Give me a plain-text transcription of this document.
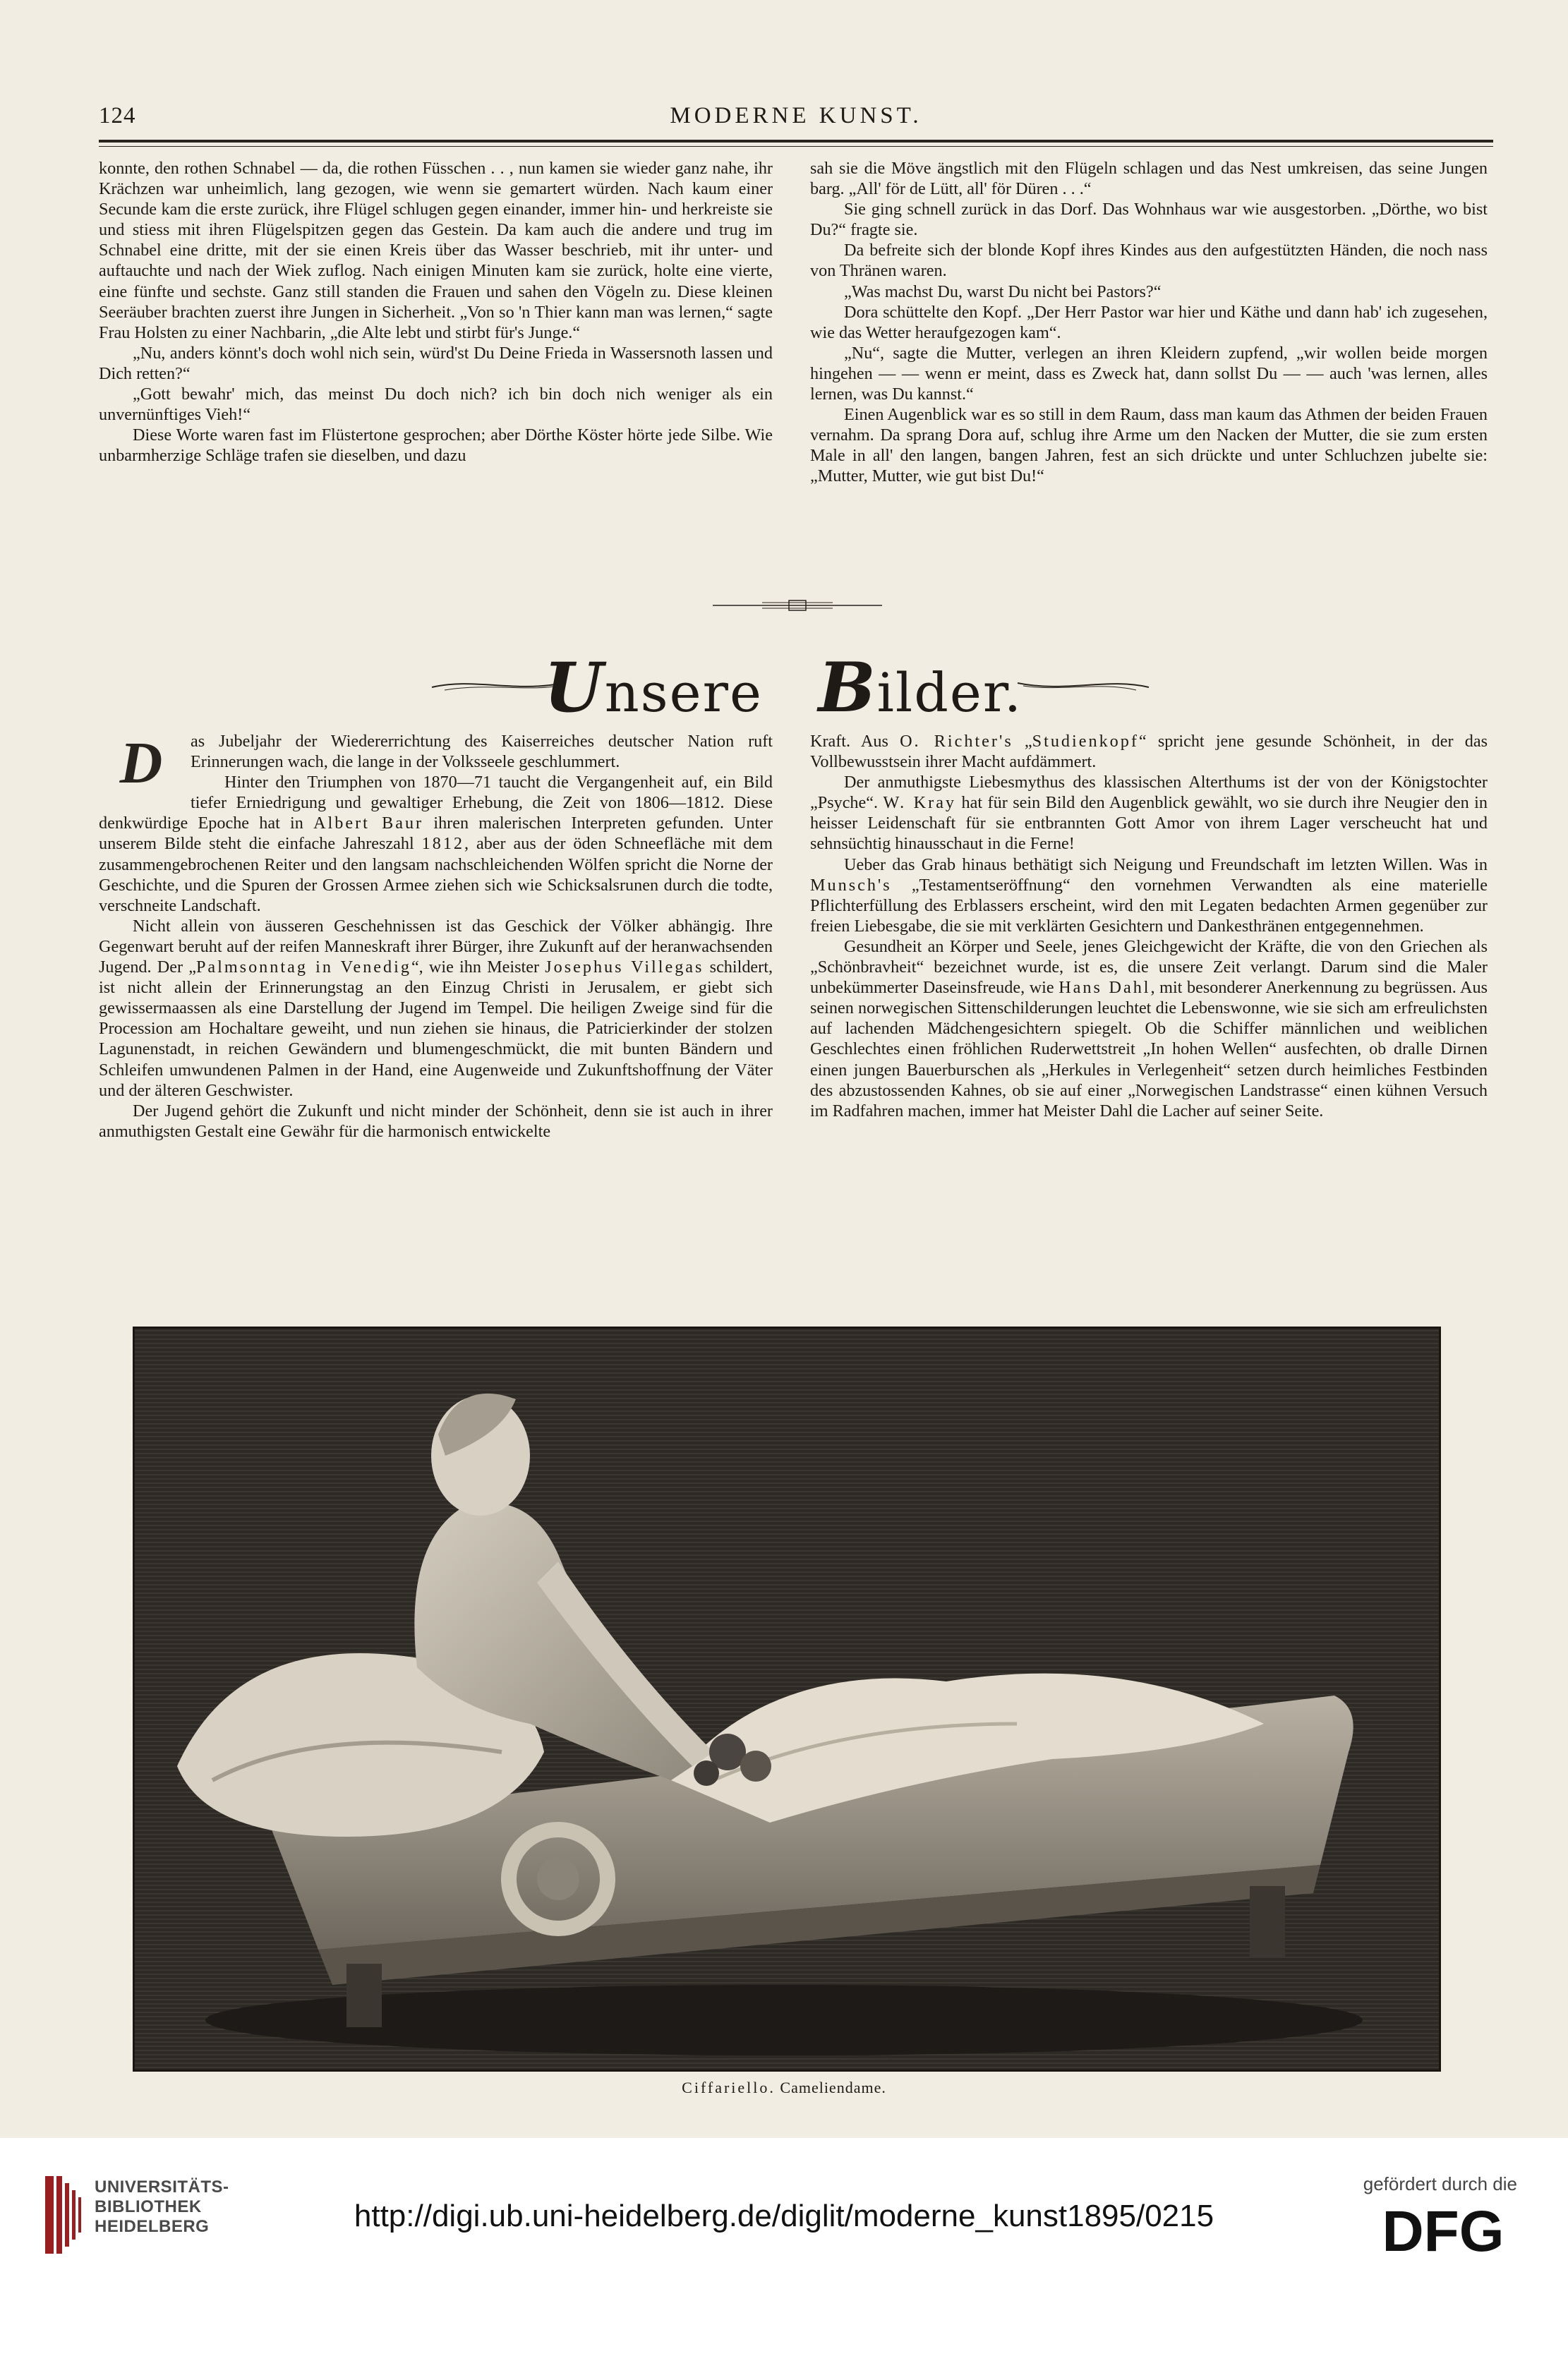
124	MODERNE KUNST.

konnte, den rothen Schnabel — da, die rothen Füsschen . . , nun kamen sie wieder ganz nahe, ihr Krächzen war unheimlich, lang gezogen, wie wenn sie gemartert würden. Nach kaum einer Secunde kam die erste zurück, ihre Flügel schlugen gegen einander, immer hin- und herkreiste sie und stiess mit ihren Flügelspitzen gegen das Gestein. Da kam auch die andere und trug im Schnabel eine dritte, mit der sie einen Kreis über das Wasser beschrieb, mit ihr unter- und auftauchte und nach der Wiek zuflog. Nach einigen Minuten kam sie zurück, holte eine vierte, eine fünfte und sechste. Ganz still standen die Frauen und sahen den Vögeln zu. Diese kleinen Seeräuber brachten zuerst ihre Jungen in Sicherheit. „Von so 'n Thier kann man was lernen,“ sagte Frau Holsten zu einer Nachbarin, „die Alte lebt und stirbt für's Junge.“

„Nu, anders könnt's doch wohl nich sein, würd'st Du Deine Frieda in Wassersnoth lassen und Dich retten?“

„Gott bewahr' mich, das meinst Du doch nich? ich bin doch nich weniger als ein unvernünftiges Vieh!“

Diese Worte waren fast im Flüstertone gesprochen; aber Dörthe Köster hörte jede Silbe. Wie unbarmherzige Schläge trafen sie dieselben, und dazu

sah sie die Möve ängstlich mit den Flügeln schlagen und das Nest umkreisen, das seine Jungen barg. „All' för de Lütt, all' för Düren . . .“

Sie ging schnell zurück in das Dorf. Das Wohnhaus war wie ausgestorben. „Dörthe, wo bist Du?“ fragte sie.

Da befreite sich der blonde Kopf ihres Kindes aus den aufgestützten Händen, die noch nass von Thränen waren.

„Was machst Du, warst Du nicht bei Pastors?“

Dora schüttelte den Kopf. „Der Herr Pastor war hier und Käthe und dann hab' ich zugesehen, wie das Wetter heraufgezogen kam“.

„Nu“, sagte die Mutter, verlegen an ihren Kleidern zupfend, „wir wollen beide morgen hingehen — — wenn er meint, dass es Zweck hat, dann sollst Du — — auch 'was lernen, alles lernen, was Du kannst.“

Einen Augenblick war es so still in dem Raum, dass man kaum das Athmen der beiden Frauen vernahm. Da sprang Dora auf, schlug ihre Arme um den Nacken der Mutter, die sie zum ersten Male in all' den langen, bangen Jahren, fest an sich drückte und unter Schluchzen jubelte sie: „Mutter, Mutter, wie gut bist Du!“

Unsere Bilder.

D	as Jubeljahr der Wiedererrichtung des Kaiserreiches deutscher Nation ruft Erinnerungen wach, die lange in der Volksseele geschlummert.

Hinter den Triumphen von 1870—71 taucht die Vergangenheit auf, ein Bild tiefer Erniedrigung und gewaltiger Erhebung, die Zeit von 1806—1812. Diese denkwürdige Epoche hat in Albert Baur ihren malerischen Interpreten gefunden. Unter unserem Bilde steht die einfache Jahreszahl 1812, aber aus der öden Schneefläche mit dem zusammengebrochenen Reiter und den langsam nachschleichenden Wölfen spricht die Norne der Geschichte, und die Spuren der Grossen Armee ziehen sich wie Schicksalsrunen durch die todte, verschneite Landschaft.

Nicht allein von äusseren Geschehnissen ist das Geschick der Völker abhängig. Ihre Gegenwart beruht auf der reifen Manneskraft ihrer Bürger, ihre Zukunft auf der heranwachsenden Jugend. Der „Palmsonntag in Venedig“, wie ihn Meister Josephus Villegas schildert, ist nicht allein der Erinnerungstag an den Einzug Christi in Jerusalem, er giebt sich gewissermaassen als eine Darstellung der Jugend im Tempel. Die heiligen Zweige sind für die Procession am Hochaltare geweiht, und nun ziehen sie hinaus, die Patricierkinder der stolzen Lagunenstadt, in reichen Gewändern und blumengeschmückt, die mit bunten Bändern und Schleifen umwundenen Palmen in der Hand, eine Augenweide und Zukunftshoffnung der Väter und der älteren Geschwister.

Der Jugend gehört die Zukunft und nicht minder der Schönheit, denn sie ist auch in ihrer anmuthigsten Gestalt eine Gewähr für die harmonisch entwickelte

Kraft. Aus O. Richter's „Studienkopf“ spricht jene gesunde Schönheit, in der das Vollbewusstsein ihrer Macht aufdämmert.

Der anmuthigste Liebesmythus des klassischen Alterthums ist der von der Königstochter „Psyche“. W. Kray hat für sein Bild den Augenblick gewählt, wo sie durch ihre Neugier den in heisser Leidenschaft für sie entbrannten Gott Amor von ihrem Lager verscheucht hat und sehnsüchtig hinausschaut in die Ferne!

Ueber das Grab hinaus bethätigt sich Neigung und Freundschaft im letzten Willen. Was in Munsch's „Testamentseröffnung“ den vornehmen Verwandten als eine materielle Pflichterfüllung des Erblassers erscheint, wird den mit Legaten bedachten Armen gegenüber zur freien Liebesgabe, die sie mit verklärten Gesichtern und Dankesthränen entgegennehmen.

Gesundheit an Körper und Seele, jenes Gleichgewicht der Kräfte, die von den Griechen als „Schönbravheit“ bezeichnet wurde, ist es, die unsere Zeit verlangt. Darum sind die Maler unbekümmerter Daseinsfreude, wie Hans Dahl, mit besonderer Anerkennung zu begrüssen. Aus seinen norwegischen Sittenschilderungen leuchtet die Lebenswonne, wie sie sich am erfreulichsten auf lachenden Mädchengesichtern spiegelt. Ob die Schiffer männlichen und weiblichen Geschlechtes einen fröhlichen Ruderwettstreit „In hohen Wellen“ ausfechten, ob dralle Dirnen einen jungen Bauerburschen als „Herkules in Verlegenheit“ setzen durch heimliches Festbinden des abzustossenden Kahnes, ob sie auf einer „Norwegischen Landstrasse“ einen kühnen Versuch im Radfahren machen, immer hat Meister Dahl die Lacher auf seiner Seite.

Ciffariello. Cameliendame.
UNIVERSITÄTS-
BIBLIOTHEK
HEIDELBERG	http://digi.ub.uni-heidelberg.de/diglit/moderne_kunst1895/0215
gefördert durch die
DFG
